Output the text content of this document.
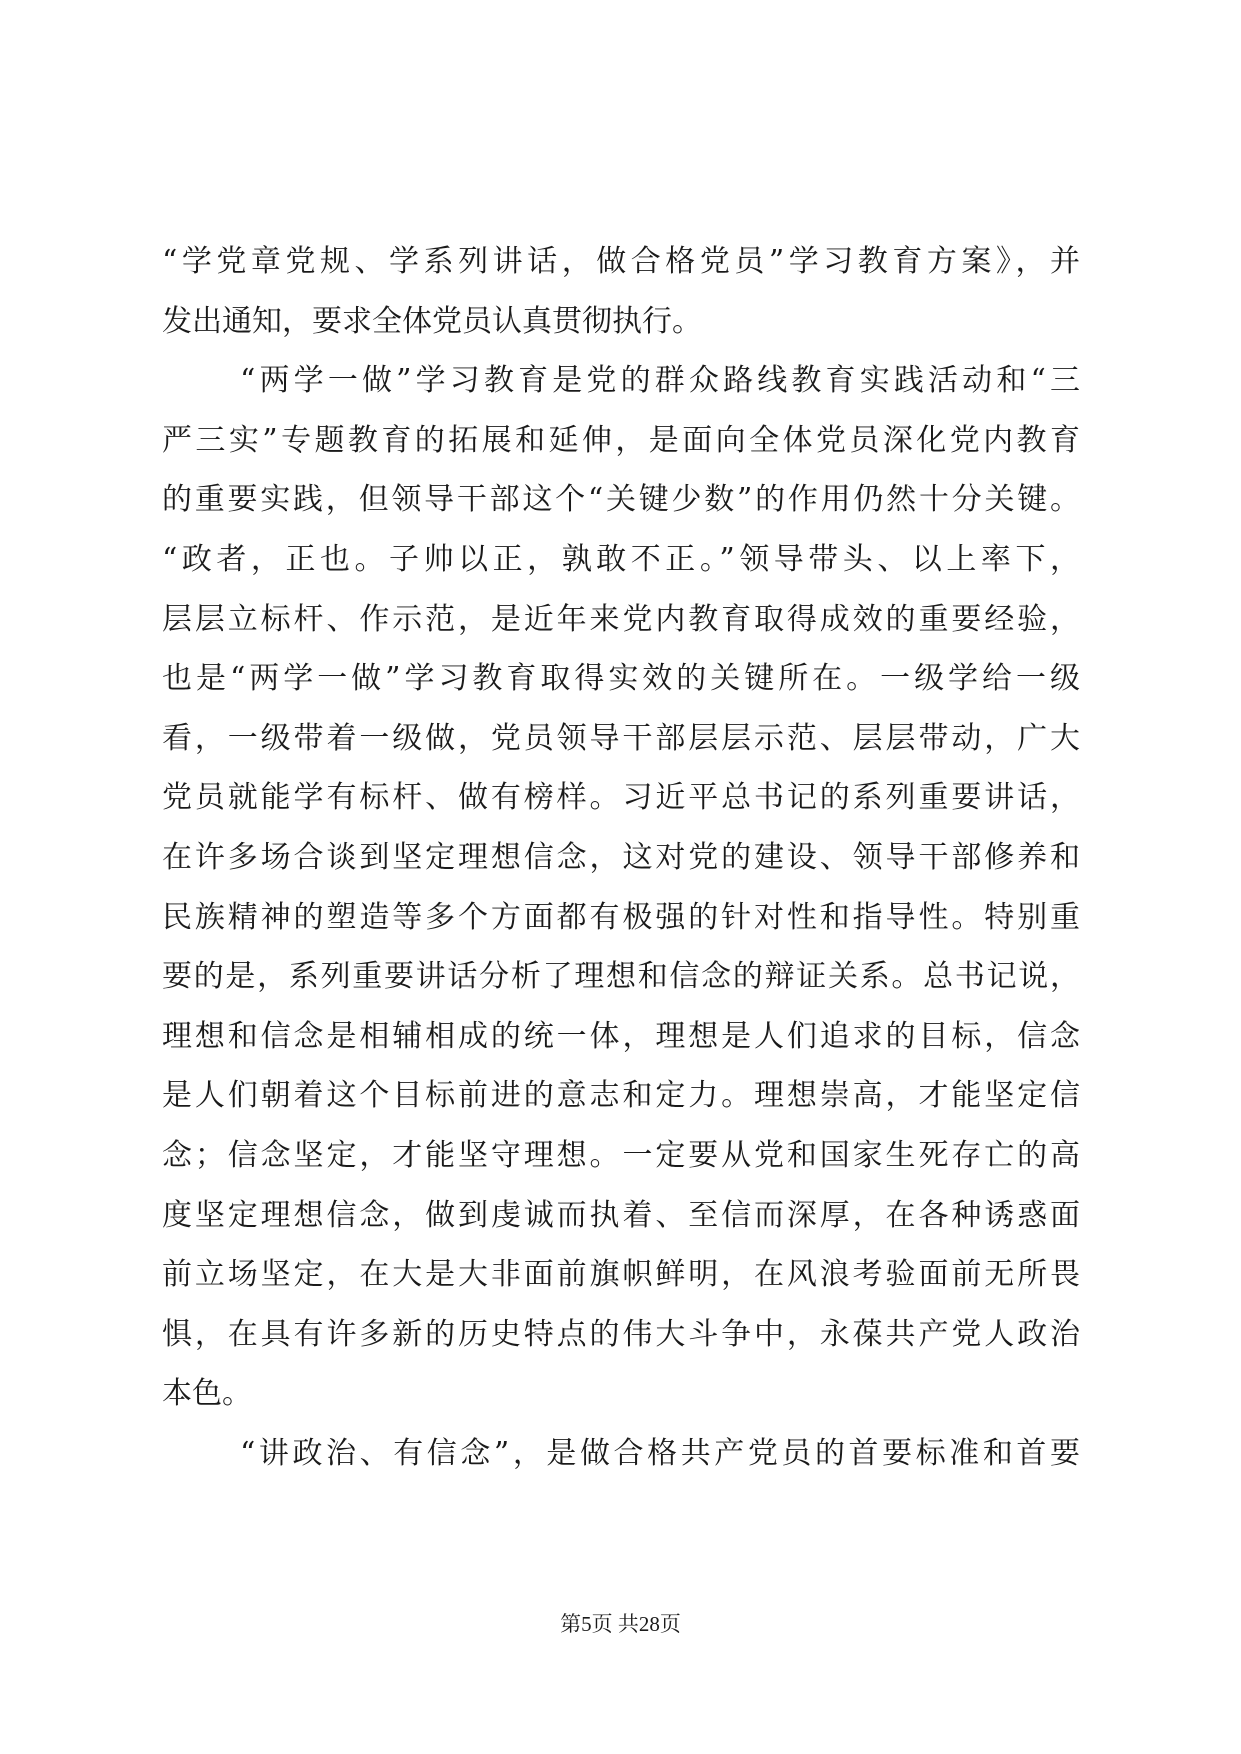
“学党章党规、学系列讲话，做合格党员”学习教育方案》，并
发出通知，要求全体党员认真贯彻执行。
“两学一做”学习教育是党的群众路线教育实践活动和“三
严三实”专题教育的拓展和延伸，是面向全体党员深化党内教育
的重要实践，但领导干部这个“关键少数”的作用仍然十分关键。
“政者，正也。子帅以正，孰敢不正。”领导带头、以上率下，
层层立标杆、作示范，是近年来党内教育取得成效的重要经验，
也是“两学一做”学习教育取得实效的关键所在。一级学给一级
看，一级带着一级做，党员领导干部层层示范、层层带动，广大
党员就能学有标杆、做有榜样。习近平总书记的系列重要讲话，
在许多场合谈到坚定理想信念，这对党的建设、领导干部修养和
民族精神的塑造等多个方面都有极强的针对性和指导性。特别重
要的是，系列重要讲话分析了理想和信念的辩证关系。总书记说，
理想和信念是相辅相成的统一体，理想是人们追求的目标，信念
是人们朝着这个目标前进的意志和定力。理想崇高，才能坚定信
念；信念坚定，才能坚守理想。一定要从党和国家生死存亡的高
度坚定理想信念，做到虔诚而执着、至信而深厚，在各种诱惑面
前立场坚定，在大是大非面前旗帜鲜明，在风浪考验面前无所畏
惧，在具有许多新的历史特点的伟大斗争中，永葆共产党人政治
本色。
“讲政治、有信念”，是做合格共产党员的首要标准和首要
第5页 共28页
